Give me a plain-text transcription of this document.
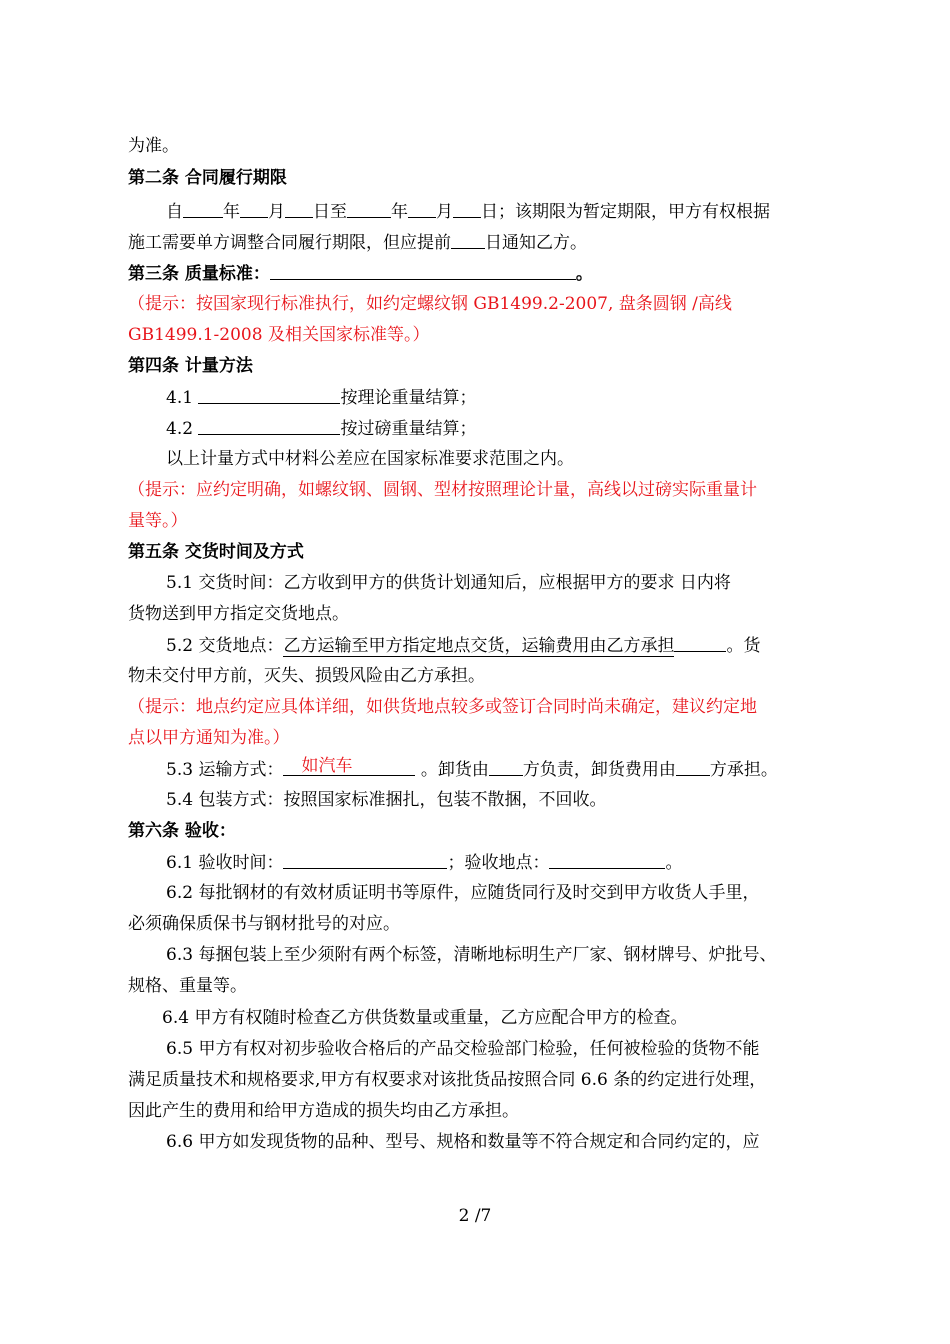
为准。
第二条 合同履行期限
自 年 月 日至	年 月 日；该期限为暂定期限，甲方有权根据
施工需要单方调整合同履行期限，但应提前 日通知乙方。
第三条 质量标准：	。
（提示：按国家现行标准执行，如约定螺纹钢 GB1499.2-2007, 盘条圆钢 /高线
GB1499.1-2008 及相关国家标准等。）
第四条 计量方法
4.1	按理论重量结算；
4.2	按过磅重量结算；
以上计量方式中材料公差应在国家标准要求范围之内。
（提示：应约定明确，如螺纹钢、圆钢、型材按照理论计量，高线以过磅实际重量计
量等。）
第五条 交货时间及方式
5.1 交货时间：乙方收到甲方的供货计划通知后，应根据甲方的要求 日内将
货物送到甲方指定交货地点。
5.2 交货地点：乙方运输至甲方指定地点交货，运输费用由乙方承担	。货
物未交付甲方前，灭失、损毁风险由乙方承担。
（提示：地点约定应具体详细，如供货地点较多或签订合同时尚未确定，建议约定地
点以甲方通知为准。）
5.3 运输方式： 如汽车	。卸货由 方负责，卸货费用由 方承担。
5.4 包装方式：按照国家标准捆扎，包装不散捆，不回收。
第六条 验收：
6.1 验收时间：	；验收地点：	。
6.2 每批钢材的有效材质证明书等原件，应随货同行及时交到甲方收货人手里，
必须确保质保书与钢材批号的对应。
6.3 每捆包装上至少须附有两个标签，清晰地标明生产厂家、钢材牌号、炉批号、
规格、重量等。
6.4 甲方有权随时检查乙方供货数量或重量，乙方应配合甲方的检查。
6.5 甲方有权对初步验收合格后的产品交检验部门检验，任何被检验的货物不能
满足质量技术和规格要求,甲方有权要求对该批货品按照合同 6.6 条的约定进行处理，
因此产生的费用和给甲方造成的损失均由乙方承担。
6.6 甲方如发现货物的品种、型号、规格和数量等不符合规定和合同约定的，应
2 /7
